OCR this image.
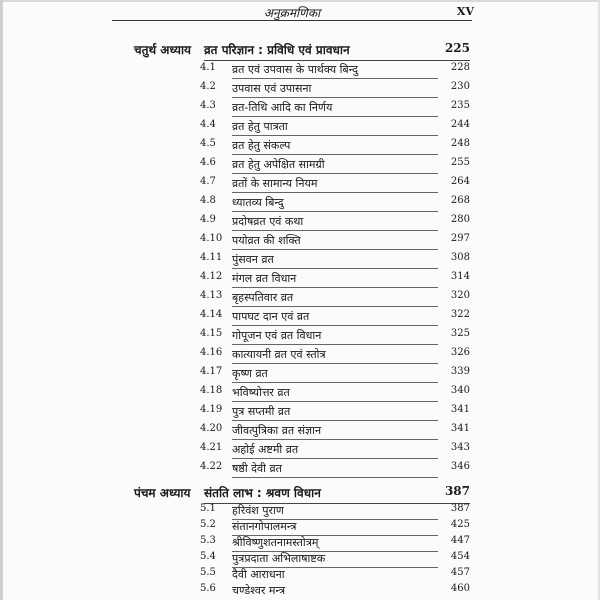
अनुक्रमणिका	XV
चतुर्थ अध्याय व्रत परिज्ञान : प्रविधि एवं प्रावधान	225
4.1 व्रत एवं उपवास के पार्थक्य बिन्दु	228
4.2 उपवास एवं उपासना	230
4.3 व्रत-तिथि आदि का निर्णय	235
4.4 व्रत हेतु पात्रता	244
4.5 व्रत हेतु संकल्प	248
4.6 व्रत हेतु अपेक्षित सामग्री	255
4.7 व्रतों के सामान्य नियम	264
4.8 ध्यातव्य बिन्दु	268
4.9 प्रदोषव्रत एवं कथा	280
4.10 पयोव्रत की शक्ति	297
4.11 पुंसवन व्रत	308
4.12 मंगल व्रत विधान	314
4.13 बृहस्पतिवार व्रत	320
4.14 पापघट दान एवं व्रत	322
4.15 गोपूजन एवं व्रत विधान	325
4.16 कात्यायनी व्रत एवं स्तोत्र	326
4.17 कृष्ण व्रत	339
4.18 भविष्योत्तर व्रत	340
4.19 पुत्र सप्तमी व्रत	341
4.20 जीवत्पुत्रिका व्रत संज्ञान	341
4.21 अहोई अष्टमी व्रत	343
4.22 षष्ठी देवी व्रत	346
पंचम अध्याय संतति लाभ : श्रवण विधान	387
5.1 हरिवंश पुराण	387
5.2 संतानगोपालमन्त्र	425
5.3 श्रीविष्णुशतनामस्तोत्रम्	447
5.4 पुत्रप्रदाता अभिलाषाष्टक	454
5.5 दैवी आराधना	457
5.6 चण्डेश्वर मन्त्र	460
